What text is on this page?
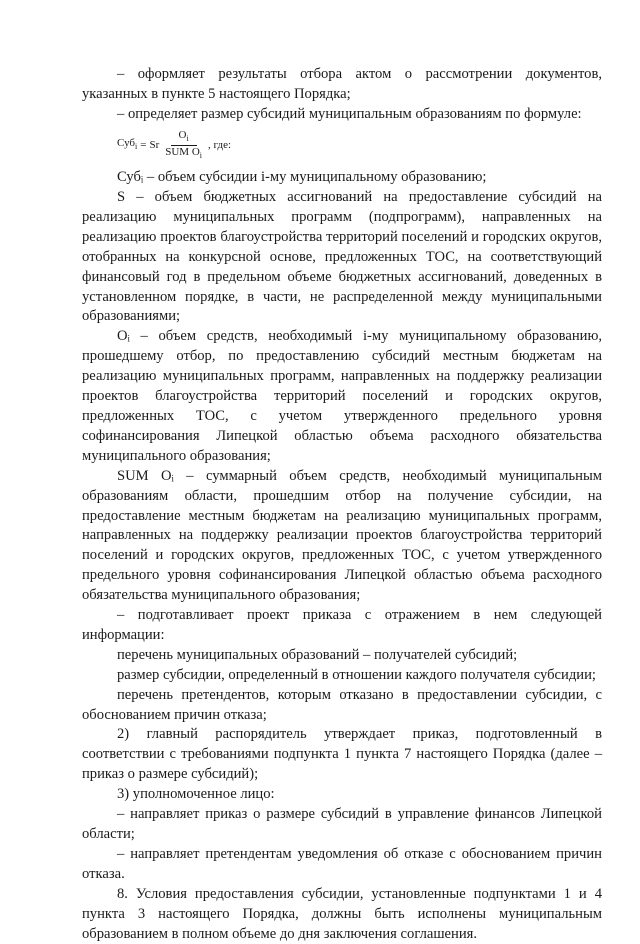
– оформляет результаты отбора актом о рассмотрении документов, указанных в пункте 5 настоящего Порядка;

– определяет размер субсидий муниципальным образованиям по формуле:

Суб$_i$ = Sr $\frac{O_i}{SUM O_i}$ , где:

Субᵢ – объем субсидии i-му муниципальному образованию;

S – объем бюджетных ассигнований на предоставление субсидий на реализацию муниципальных программ (подпрограмм), направленных на реализацию проектов благоустройства территорий поселений и городских округов, отобранных на конкурсной основе, предложенных ТОС, на соответствующий финансовый год в предельном объеме бюджетных ассигнований, доведенных в установленном порядке, в части, не распределенной между муниципальными образованиями;

Oᵢ – объем средств, необходимый i-му муниципальному образованию, прошедшему отбор, по предоставлению субсидий местным бюджетам на реализацию муниципальных программ, направленных на поддержку реализации проектов благоустройства территорий поселений и городских округов, предложенных ТОС, с учетом утвержденного предельного уровня софинансирования Липецкой областью объема расходного обязательства муниципального образования;

SUM Oᵢ – суммарный объем средств, необходимый муниципальным образованиям области, прошедшим отбор на получение субсидии, на предоставление местным бюджетам на реализацию муниципальных программ, направленных на поддержку реализации проектов благоустройства территорий поселений и городских округов, предложенных ТОС, с учетом утвержденного предельного уровня софинансирования Липецкой областью объема расходного обязательства муниципального образования;

– подготавливает проект приказа с отражением в нем следующей информации:

перечень муниципальных образований – получателей субсидий;

размер субсидии, определенный в отношении каждого получателя субсидии;

перечень претендентов, которым отказано в предоставлении субсидии, с обоснованием причин отказа;

2) главный распорядитель утверждает приказ, подготовленный в соответствии с требованиями подпункта 1 пункта 7 настоящего Порядка (далее – приказ о размере субсидий);

3) уполномоченное лицо:

– направляет приказ о размере субсидий в управление финансов Липецкой области;

– направляет претендентам уведомления об отказе с обоснованием причин отказа.

8. Условия предоставления субсидии, установленные подпунктами 1 и 4 пункта 3 настоящего Порядка, должны быть исполнены муниципальным образованием в полном объеме до дня заключения соглашения.
